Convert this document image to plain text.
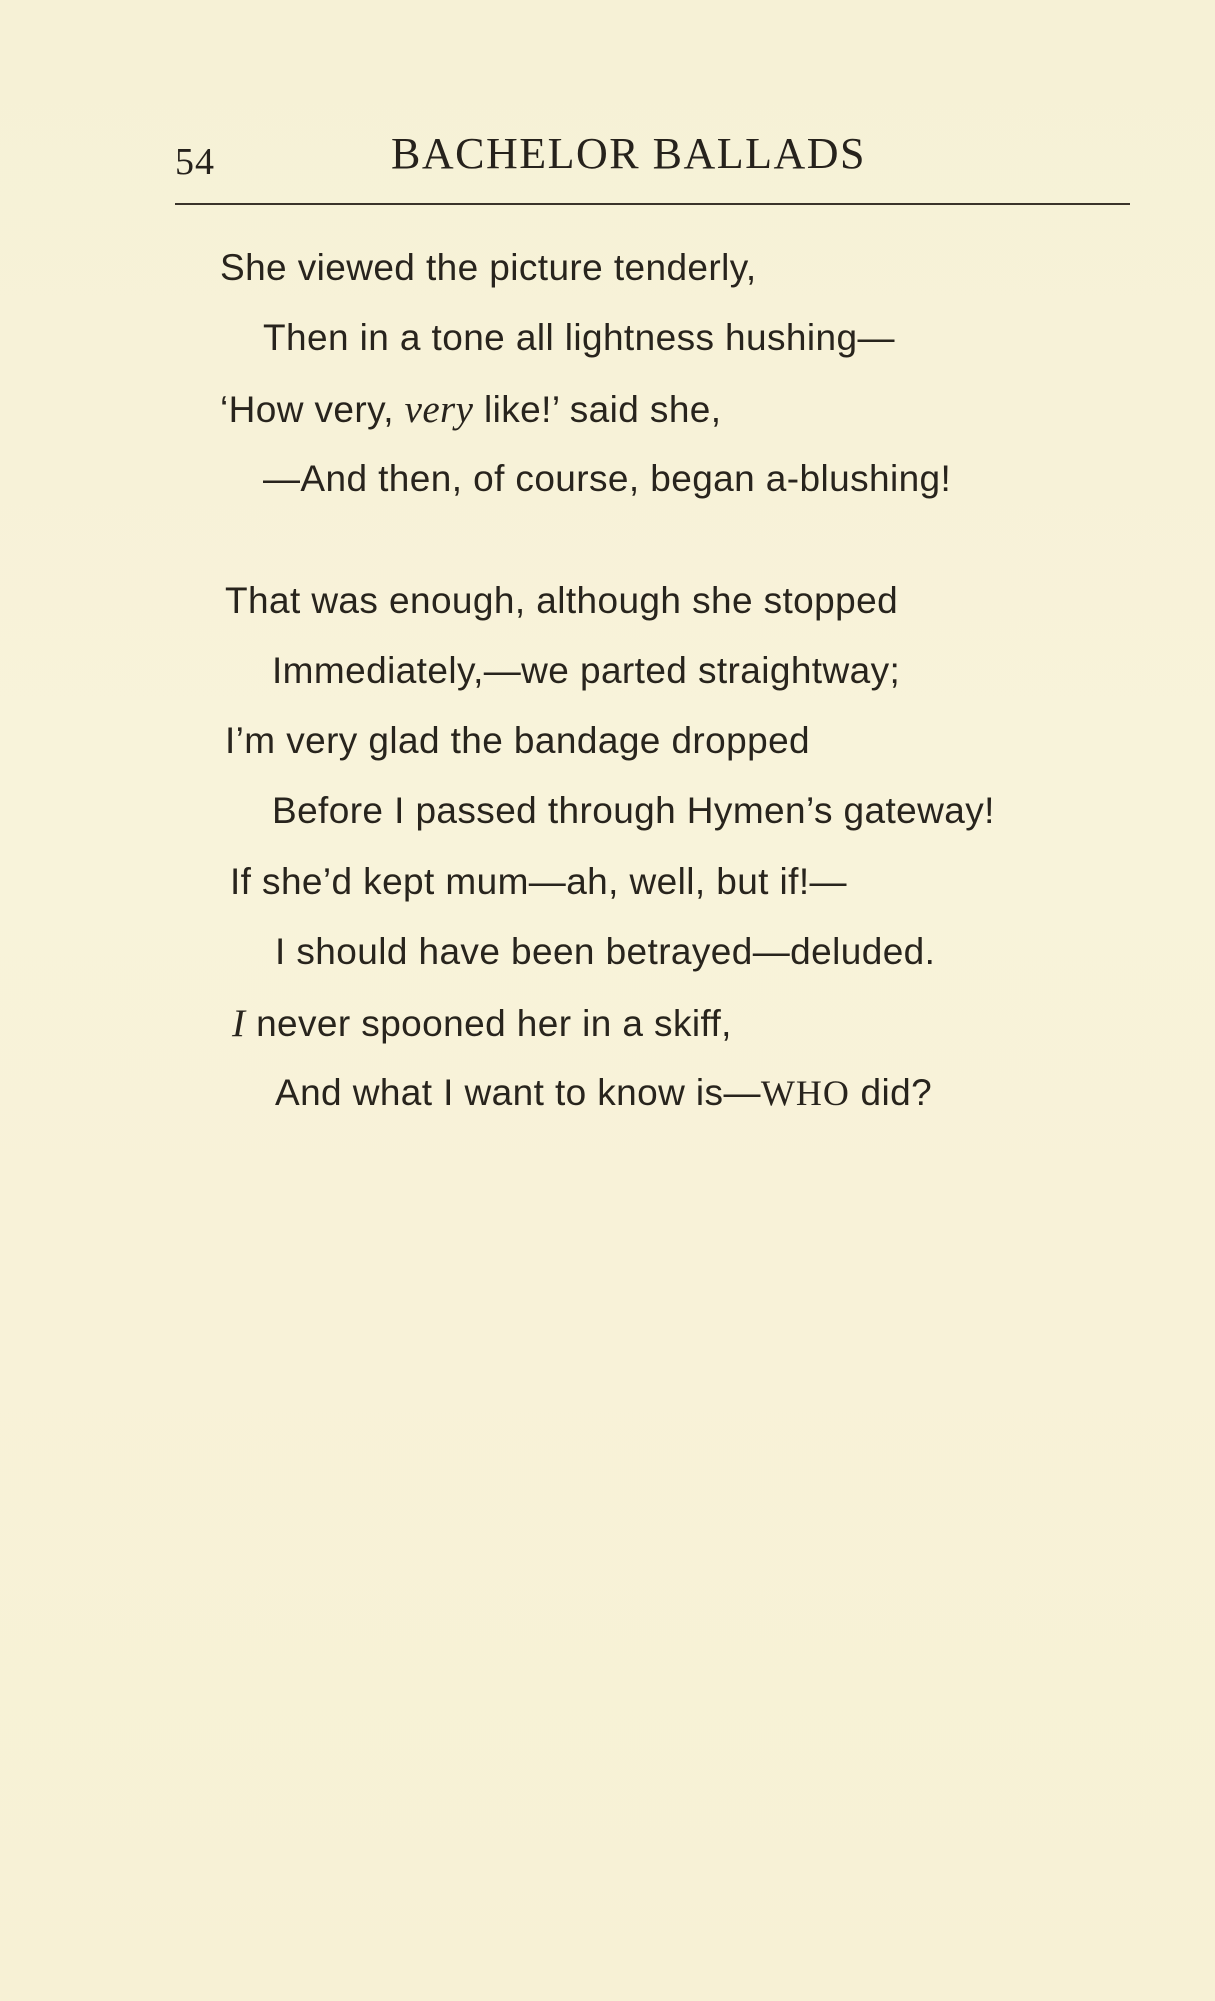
54	BACHELOR BALLADS
She viewed the picture tenderly,
Then in a tone all lightness hushing—
‘How very, very like!’ said she,
—And then, of course, began a-blushing!
That was enough, although she stopped
Immediately,—we parted straightway;
I’m very glad the bandage dropped
Before I passed through Hymen’s gateway!
If she’d kept mum—ah, well, but if!—
I should have been betrayed—deluded.
I never spooned her in a skiff,
And what I want to know is—WHO did?
